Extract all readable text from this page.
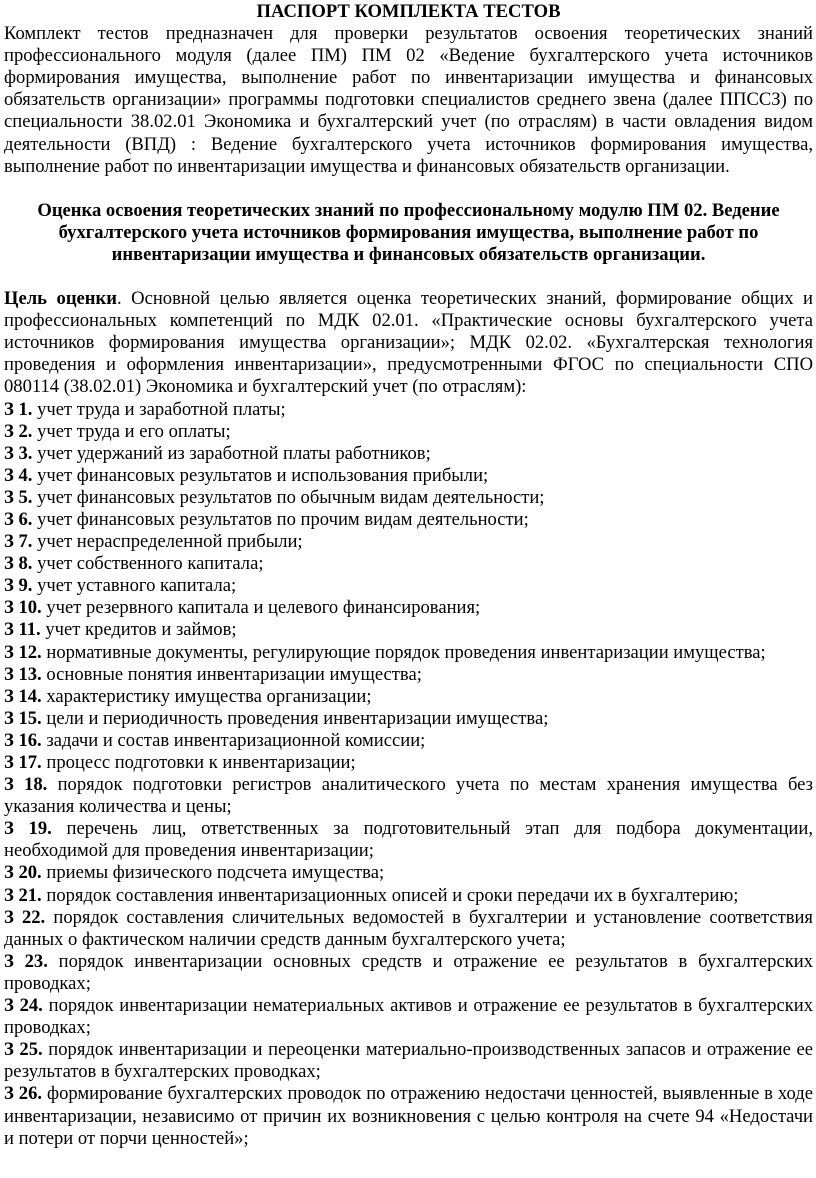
ПАСПОРТ КОМПЛЕКТА ТЕСТОВ

Комплект тестов предназначен для проверки результатов освоения теоретических знаний профессионального модуля (далее ПМ) ПМ 02 «Ведение бухгалтерского учета источников формирования имущества, выполнение работ по инвентаризации имущества и финансовых обязательств организации» программы подготовки специалистов среднего звена (далее ППССЗ) по специальности 38.02.01 Экономика и бухгалтерский учет (по отраслям) в части овладения видом деятельности (ВПД) : Ведение бухгалтерского учета источников формирования имущества, выполнение работ по инвентаризации имущества и финансовых обязательств организации.

Оценка освоения теоретических знаний по профессиональному модулю ПМ 02. Ведение бухгалтерского учета источников формирования имущества, выполнение работ по инвентаризации имущества и финансовых обязательств организации.

Цель оценки. Основной целью является оценка теоретических знаний, формирование общих и профессиональных компетенций по МДК 02.01. «Практические основы бухгалтерского учета источников формирования имущества организации»; МДК 02.02. «Бухгалтерская технология проведения и оформления инвентаризации», предусмотренными ФГОС по специальности СПО 080114 (38.02.01) Экономика и бухгалтерский учет (по отраслям):

З 1. учет труда и заработной платы;
З 2. учет труда и его оплаты;
З 3. учет удержаний из заработной платы работников;
З 4. учет финансовых результатов и использования прибыли;
З 5. учет финансовых результатов по обычным видам деятельности;
З 6. учет финансовых результатов по прочим видам деятельности;
З 7. учет нераспределенной прибыли;
З 8. учет собственного капитала;
З 9. учет уставного капитала;
З 10. учет резервного капитала и целевого финансирования;
З 11. учет кредитов и займов;
З 12. нормативные документы, регулирующие порядок проведения инвентаризации имущества;
З 13. основные понятия инвентаризации имущества;
З 14. характеристику имущества организации;
З 15. цели и периодичность проведения инвентаризации имущества;
З 16. задачи и состав инвентаризационной комиссии;
З 17. процесс подготовки к инвентаризации;
З 18. порядок подготовки регистров аналитического учета по местам хранения имущества без указания количества и цены;
З 19. перечень лиц, ответственных за подготовительный этап для подбора документации, необходимой для проведения инвентаризации;
З 20. приемы физического подсчета имущества;
З 21. порядок составления инвентаризационных описей и сроки передачи их в бухгалтерию;
З 22. порядок составления сличительных ведомостей в бухгалтерии и установление соответствия данных о фактическом наличии средств данным бухгалтерского учета;
З 23. порядок инвентаризации основных средств и отражение ее результатов в бухгалтерских проводках;
З 24. порядок инвентаризации нематериальных активов и отражение ее результатов в бухгалтерских проводках;
З 25. порядок инвентаризации и переоценки материально-производственных запасов и отражение ее результатов в бухгалтерских проводках;
З 26. формирование бухгалтерских проводок по отражению недостачи ценностей, выявленные в ходе инвентаризации, независимо от причин их возникновения с целью контроля на счете 94 «Недостачи и потери от порчи ценностей»;
